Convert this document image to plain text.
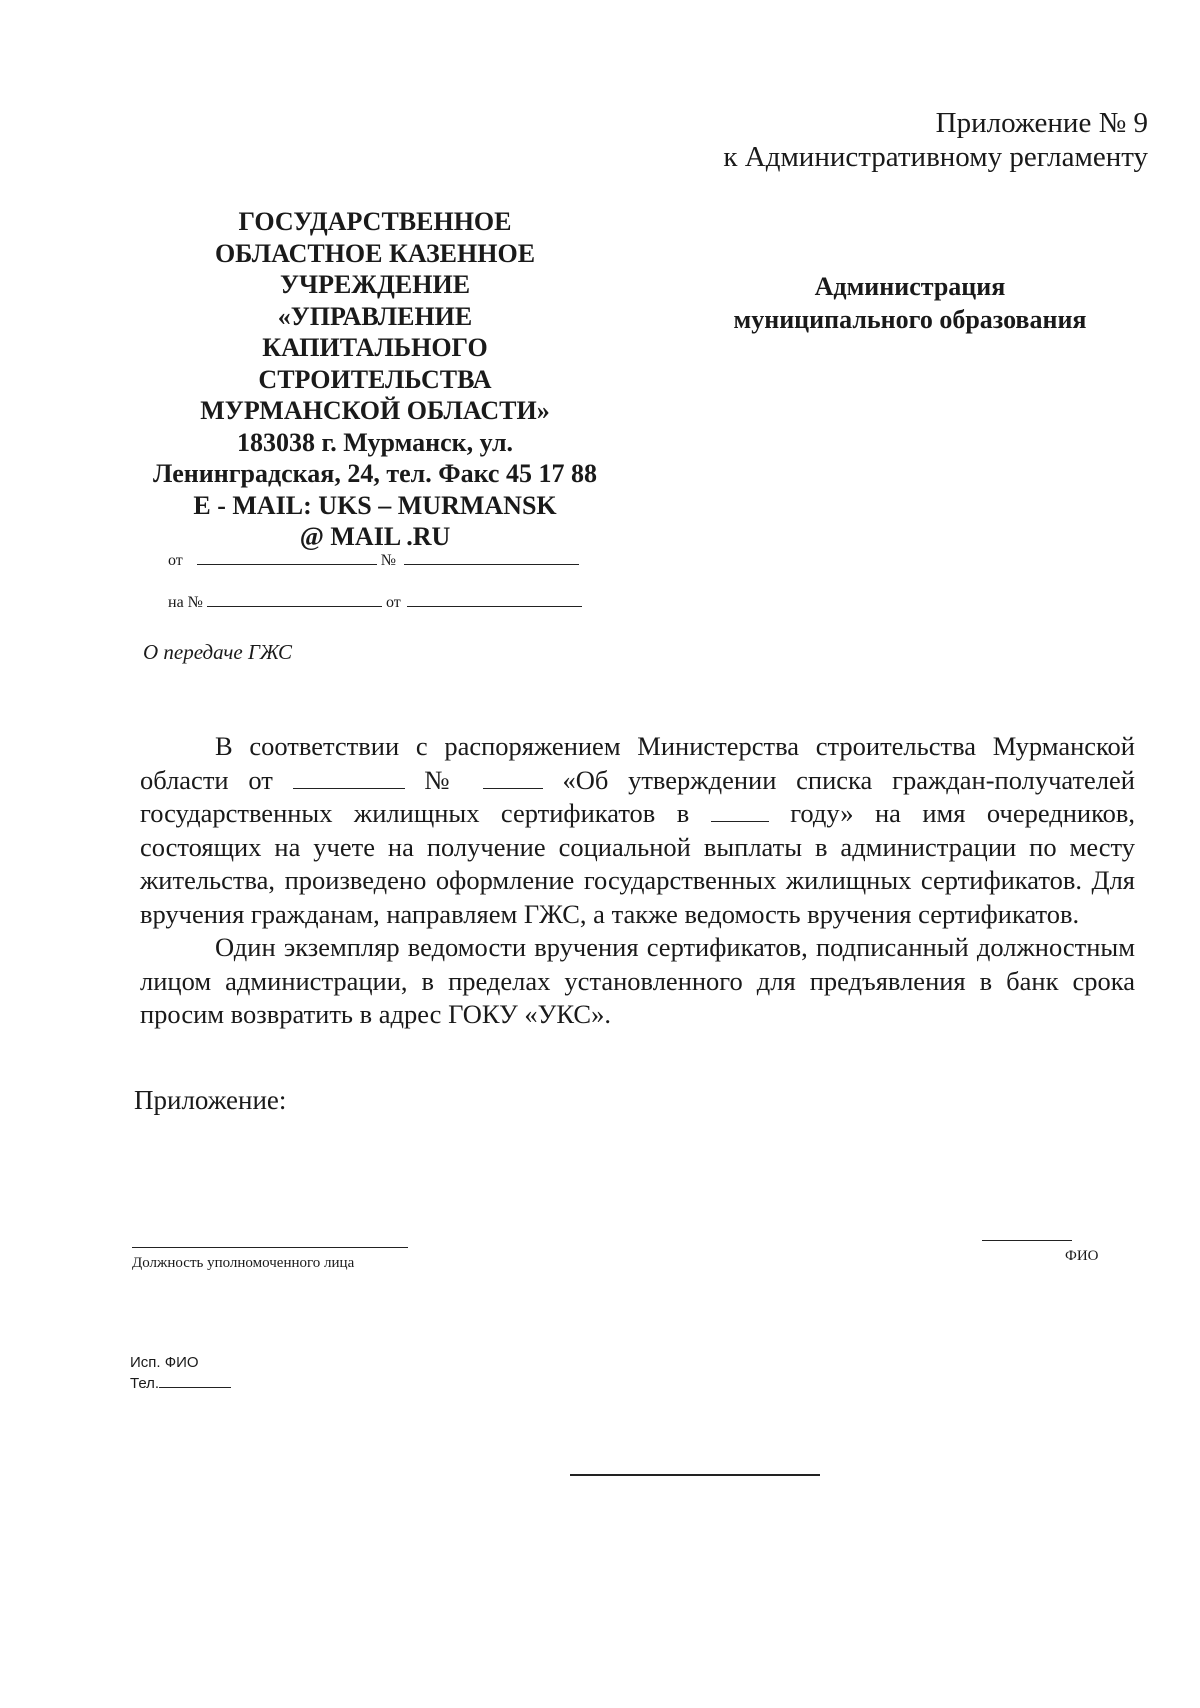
Приложение № 9
к Административному регламенту
ГОСУДАРСТВЕННОЕ
ОБЛАСТНОЕ КАЗЕННОЕ
УЧРЕЖДЕНИЕ
«УПРАВЛЕНИЕ
КАПИТАЛЬНОГО
СТРОИТЕЛЬСТВА
МУРМАНСКОЙ ОБЛАСТИ»
183038 г. Мурманск, ул.
Ленинградская, 24, тел. Факс 45 17 88
E - MAIL: UKS – MURMANSK
@ MAIL .RU
Администрация
муниципального образования
от	№
на №	от
О передаче ГЖС

В соответствии с распоряжением Министерства строительства Мурманской области от	№	«Об утверждении списка граждан-получателей государственных жилищных сертификатов в	году» на имя очередников, состоящих на учете на получение социальной выплаты в администрации по месту жительства, произведено оформление государственных жилищных сертификатов. Для вручения гражданам, направляем ГЖС, а также ведомость вручения сертификатов.

Один экземпляр ведомости вручения сертификатов, подписанный должностным лицом администрации, в пределах установленного для предъявления в банк срока просим возвратить в адрес ГОКУ «УКС».

Приложение:
Должность уполномоченного лица	ФИО
Исп. ФИО
Тел.
